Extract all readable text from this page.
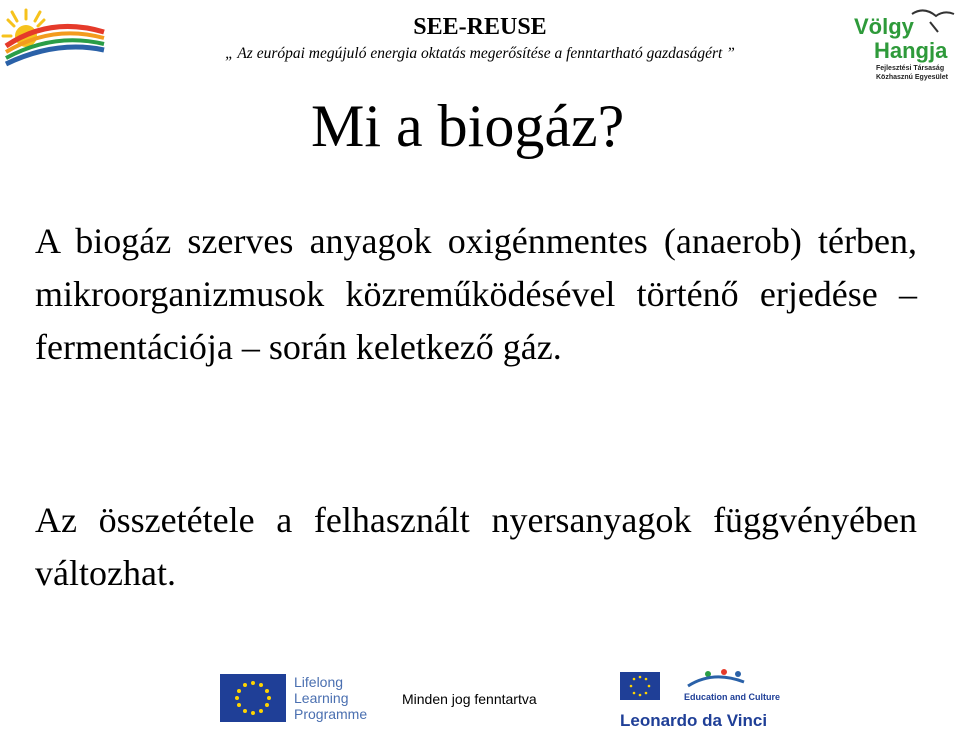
SEE-REUSE
„ Az európai megújuló energia oktatás megerősítése a fenntartható gazdaságért ”
Völgy
Hangja
Fejlesztési Társaság
Közhasznú Egyesület
Mi a biogáz?
A biogáz szerves anyagok oxigénmentes (anaerob) térben, mikroorganizmusok közreműködésével történő erjedése – fermentációja – során keletkező gáz.
Az összetétele a felhasznált nyersanyagok függvényében változhat.
Lifelong
Learning
Programme
Minden jog fenntartva	Education and Culture
Leonardo da Vinci
